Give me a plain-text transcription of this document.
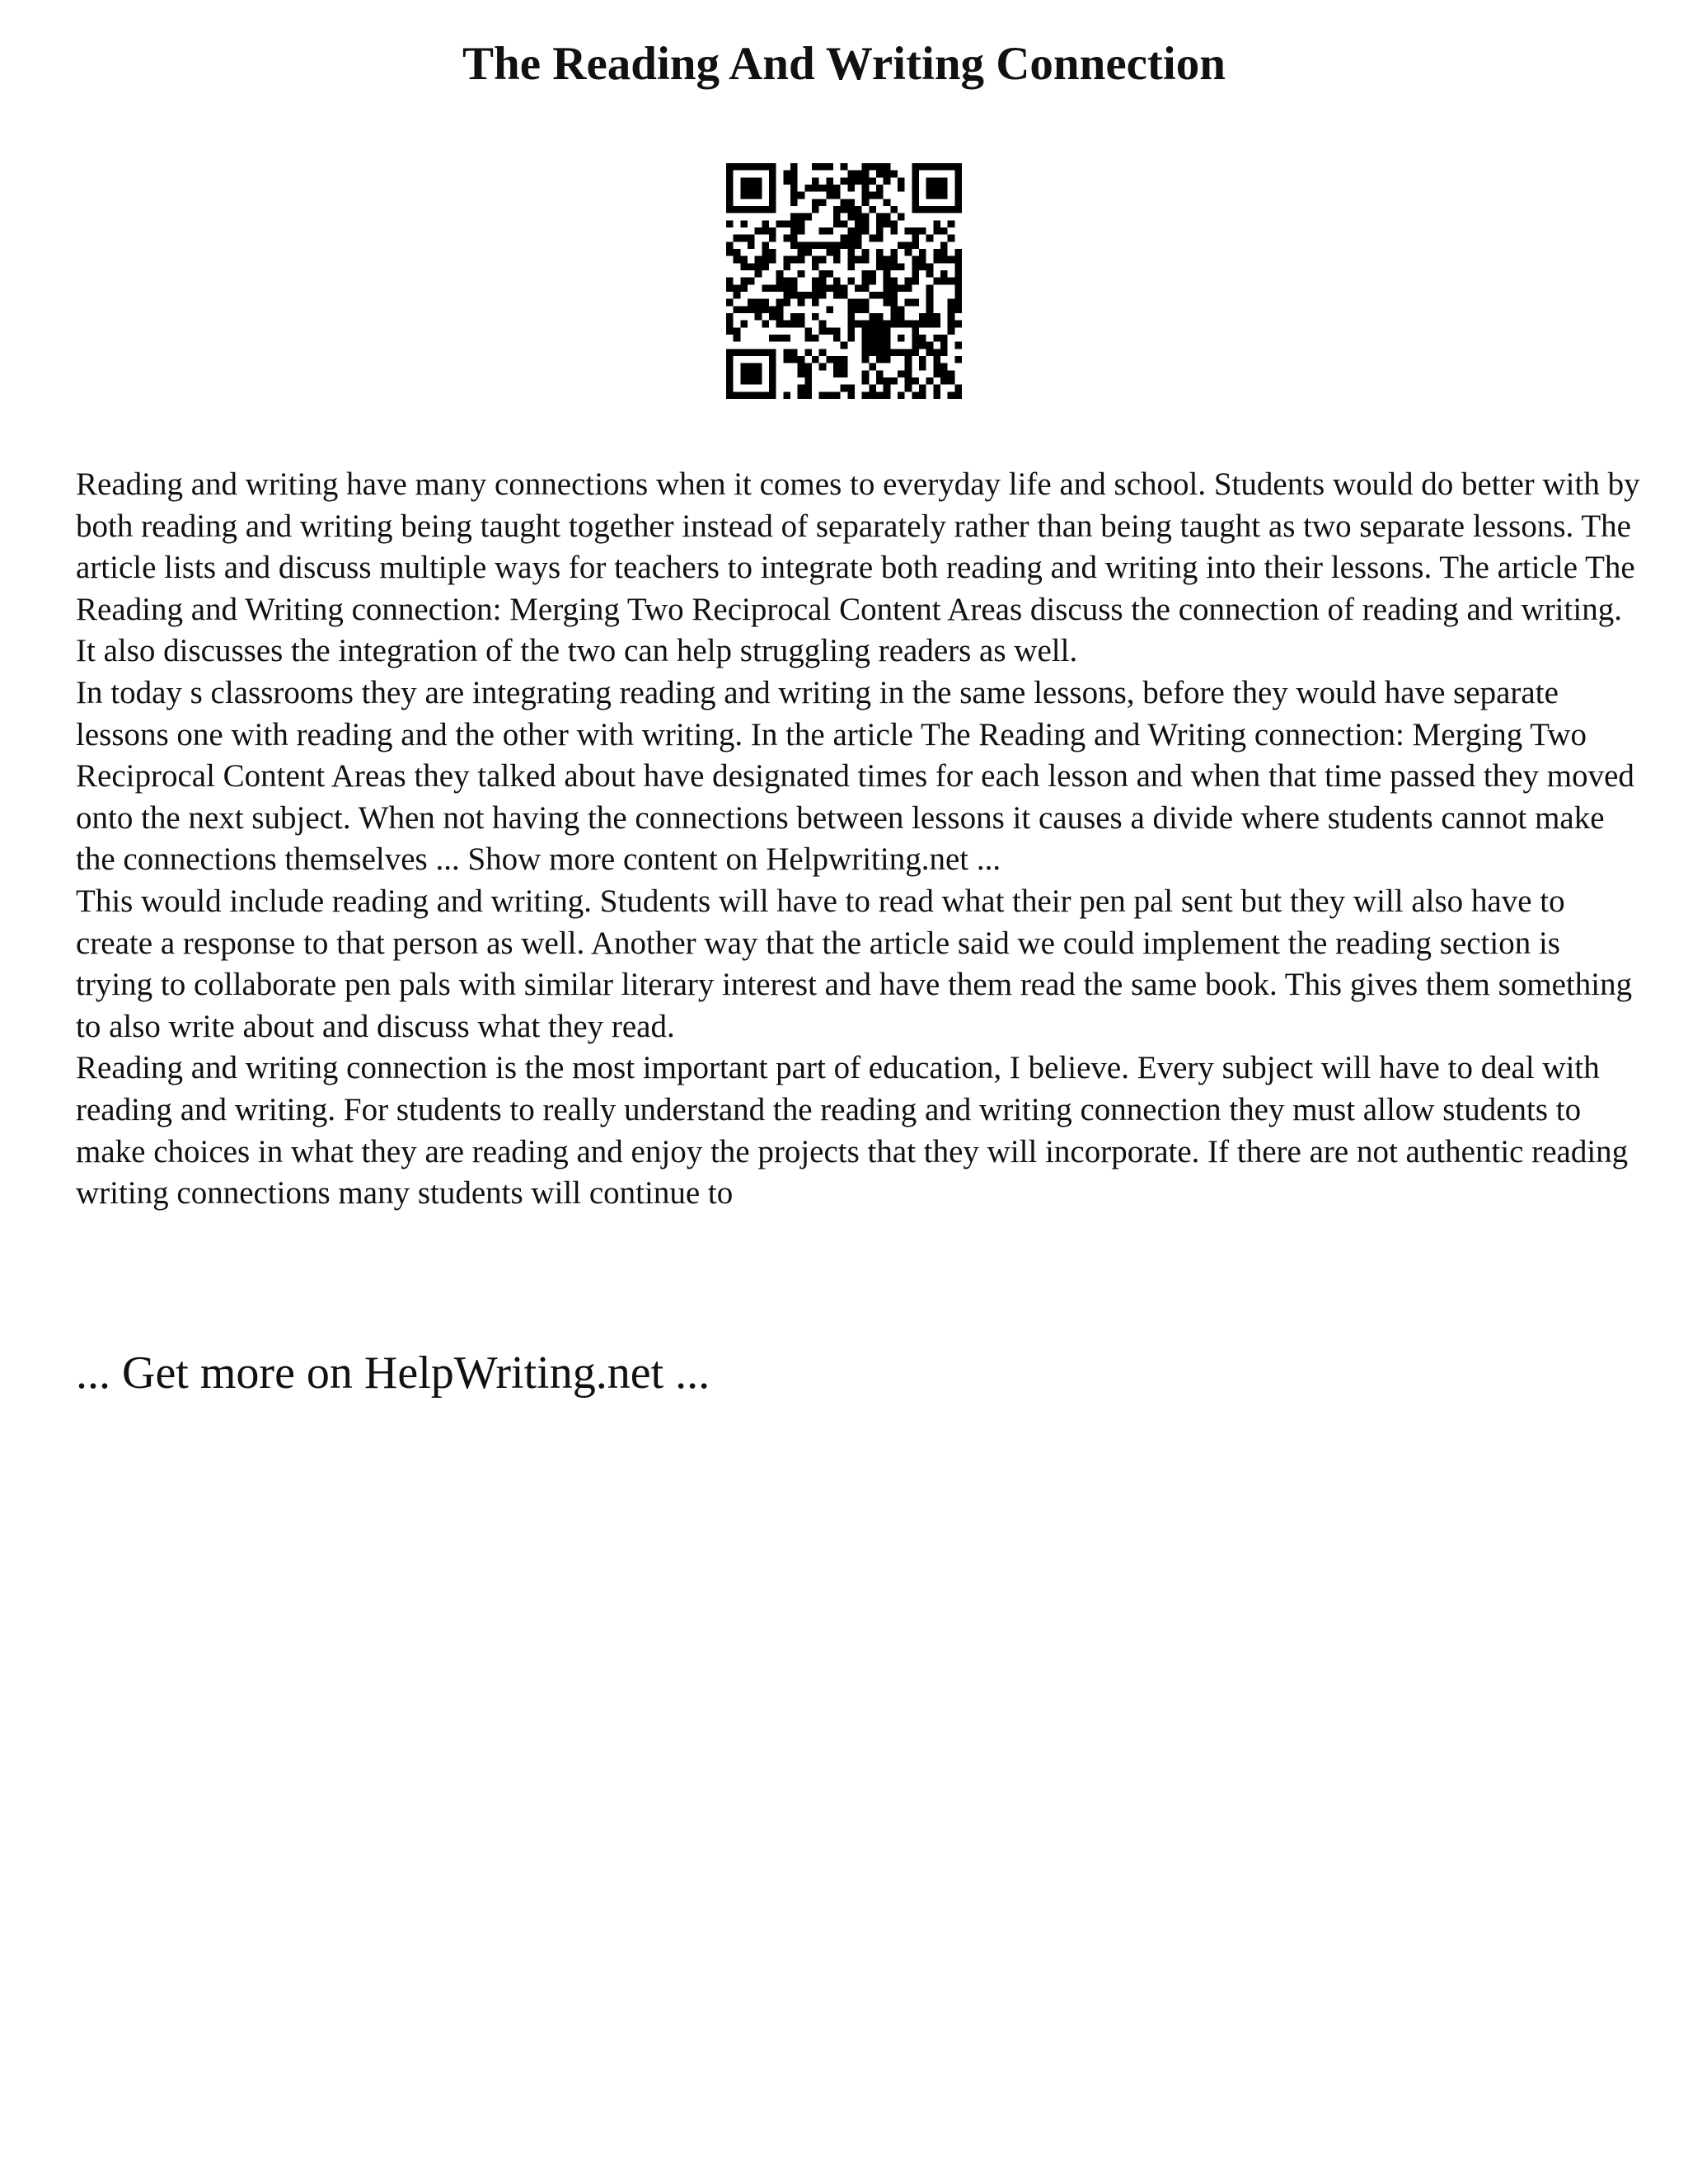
The Reading And Writing Connection

Reading and writing have many connections when it comes to everyday life and school. Students would do better with by both reading and writing being taught together instead of separately rather than being taught as two separate lessons. The article lists and discuss multiple ways for teachers to integrate both reading and writing into their lessons. The article The Reading and Writing connection: Merging Two Reciprocal Content Areas discuss the connection of reading and writing. It also discusses the integration of the two can help struggling readers as well.

In today s classrooms they are integrating reading and writing in the same lessons, before they would have separate lessons one with reading and the other with writing. In the article The Reading and Writing connection: Merging Two Reciprocal Content Areas they talked about have designated times for each lesson and when that time passed they moved onto the next subject. When not having the connections between lessons it causes a divide where students cannot make the connections themselves ... Show more content on Helpwriting.net ...

This would include reading and writing. Students will have to read what their pen pal sent but they will also have to create a response to that person as well. Another way that the article said we could implement the reading section is trying to collaborate pen pals with similar literary interest and have them read the same book. This gives them something to also write about and discuss what they read.

Reading and writing connection is the most important part of education, I believe. Every subject will have to deal with reading and writing. For students to really understand the reading and writing connection they must allow students to make choices in what they are reading and enjoy the projects that they will incorporate. If there are not authentic reading writing connections many students will continue to

... Get more on HelpWriting.net ...
